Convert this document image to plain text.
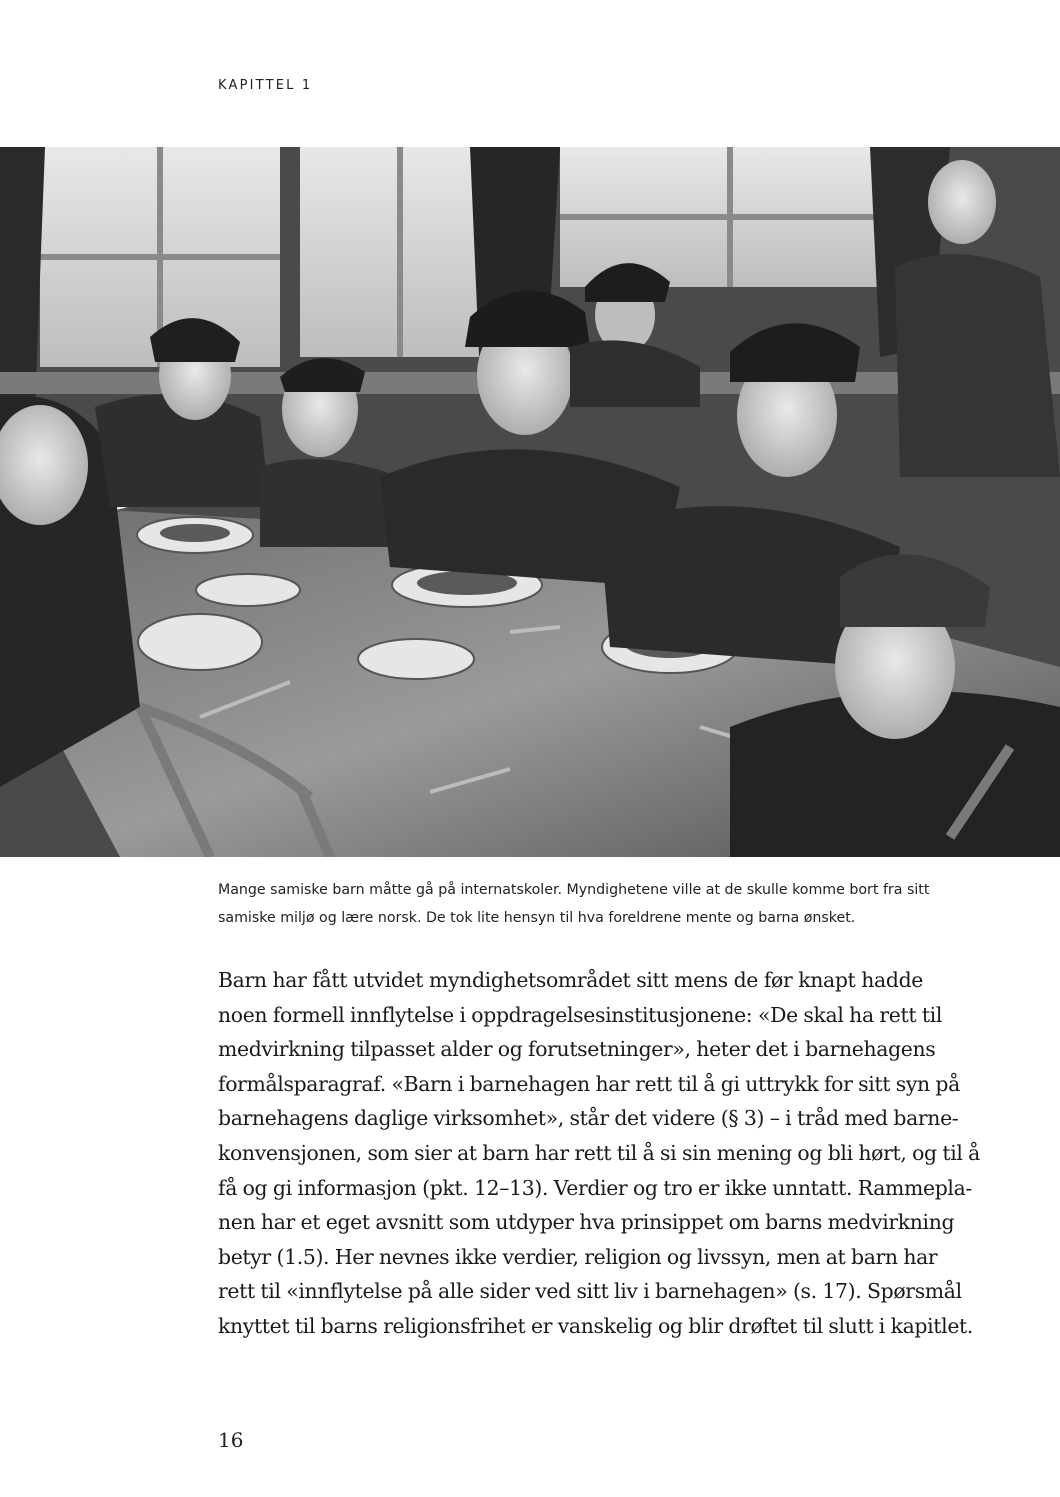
KAPITTEL 1

Mange samiske barn måtte gå på internatskoler. Myndighetene ville at de skulle komme bort fra sitt

samiske miljø og lære norsk. De tok lite hensyn til hva foreldrene mente og barna ønsket.

Barn har fått utvidet myndighetsområdet sitt mens de før knapt hadde

noen formell innflytelse i oppdragelsesinstitusjonene: «De skal ha rett til

medvirkning tilpasset alder og forutsetninger», heter det i barnehagens

formålsparagraf. «Barn i barnehagen har rett til å gi uttrykk for sitt syn på

barnehagens daglige virksomhet», står det videre (§ 3) – i tråd med barne-

konvensjonen, som sier at barn har rett til å si sin mening og bli hørt, og til å

få og gi informasjon (pkt. 12–13). Verdier og tro er ikke unntatt. Rammepla-

nen har et eget avsnitt som utdyper hva prinsippet om barns medvirkning

betyr (1.5). Her nevnes ikke verdier, religion og livssyn, men at barn har

rett til «innflytelse på alle sider ved sitt liv i barnehagen» (s. 17). Spørsmål

knyttet til barns religionsfrihet er vanskelig og blir drøftet til slutt i kapitlet.

16
